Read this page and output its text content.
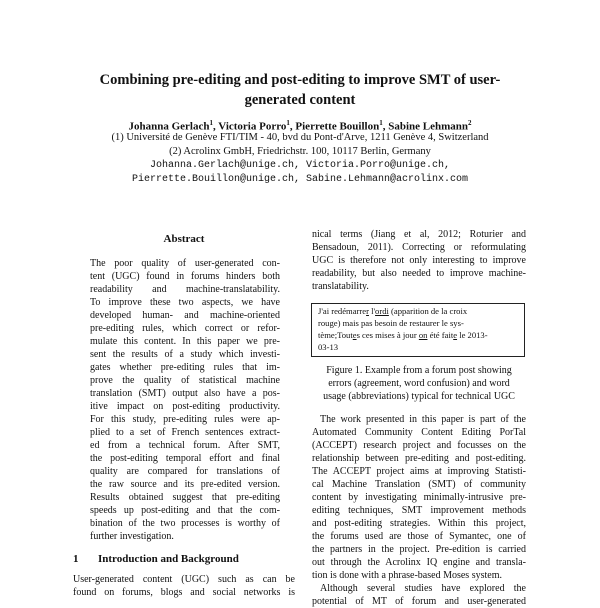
Combining pre-editing and post-editing to improve SMT of user-
generated content
Johanna Gerlach$^1$, Victoria Porro$^1$, Pierrette Bouillon$^1$, Sabine Lehmann$^2$
(1) Université de Genève FTI/TIM - 40, bvd du Pont-d'Arve, 1211 Genève 4, Switzerland
(2) Acrolinx GmbH, Friedrichstr. 100, 10117 Berlin, Germany
Johanna.Gerlach@unige.ch, Victoria.Porro@unige.ch,
Pierrette.Bouillon@unige.ch, Sabine.Lehmann@acrolinx.com
Abstract
The poor quality of user-generated con-
tent (UGC) found in forums hinders both
readability and machine-translatability.
To improve these two aspects, we have
developed human- and machine-oriented
pre-editing rules, which correct or refor-
mulate this content. In this paper we pre-
sent the results of a study which investi-
gates whether pre-editing rules that im-
prove the quality of statistical machine
translation (SMT) output also have a pos-
itive impact on post-editing productivity.
For this study, pre-editing rules were ap-
plied to a set of French sentences extract-
ed from a technical forum. After SMT,
the post-editing temporal effort and final
quality are compared for translations of
the raw source and its pre-edited version.
Results obtained suggest that pre-editing
speeds up post-editing and that the com-
bination of the two processes is worthy of
further investigation.
1 Introduction and Background
User-generated content (UGC) such as can be
found on forums, blogs and social networks is
nical terms (Jiang et al, 2012; Roturier and
Bensadoun, 2011). Correcting or reformulating
UGC is therefore not only interesting to improve
readability, but also needed to improve machine-
translatability.
J'ai redémarrer l'ordi (apparition de la croix
rouge) mais pas besoin de restaurer le sys-
tème;Toutes ces mises à jour on été faite le 2013-
03-13
Figure 1. Example from a forum post showing
errors (agreement, word confusion) and word
usage (abbreviations) typical for technical UGC
The work presented in this paper is part of the
Automated Community Content Editing PorTal
(ACCEPT) research project and focusses on the
relationship between pre-editing and post-editing.
The ACCEPT project aims at improving Statisti-
cal Machine Translation (SMT) of community
content by investigating minimally-intrusive pre-
editing techniques, SMT improvement methods
and post-editing strategies. Within this project,
the forums used are those of Symantec, one of
the partners in the project. Pre-edition is carried
out through the Acrolinx IQ engine and transla-
tion is done with a phrase-based Moses system.
Although several studies have explored the
potential of MT of forum and user-generated
